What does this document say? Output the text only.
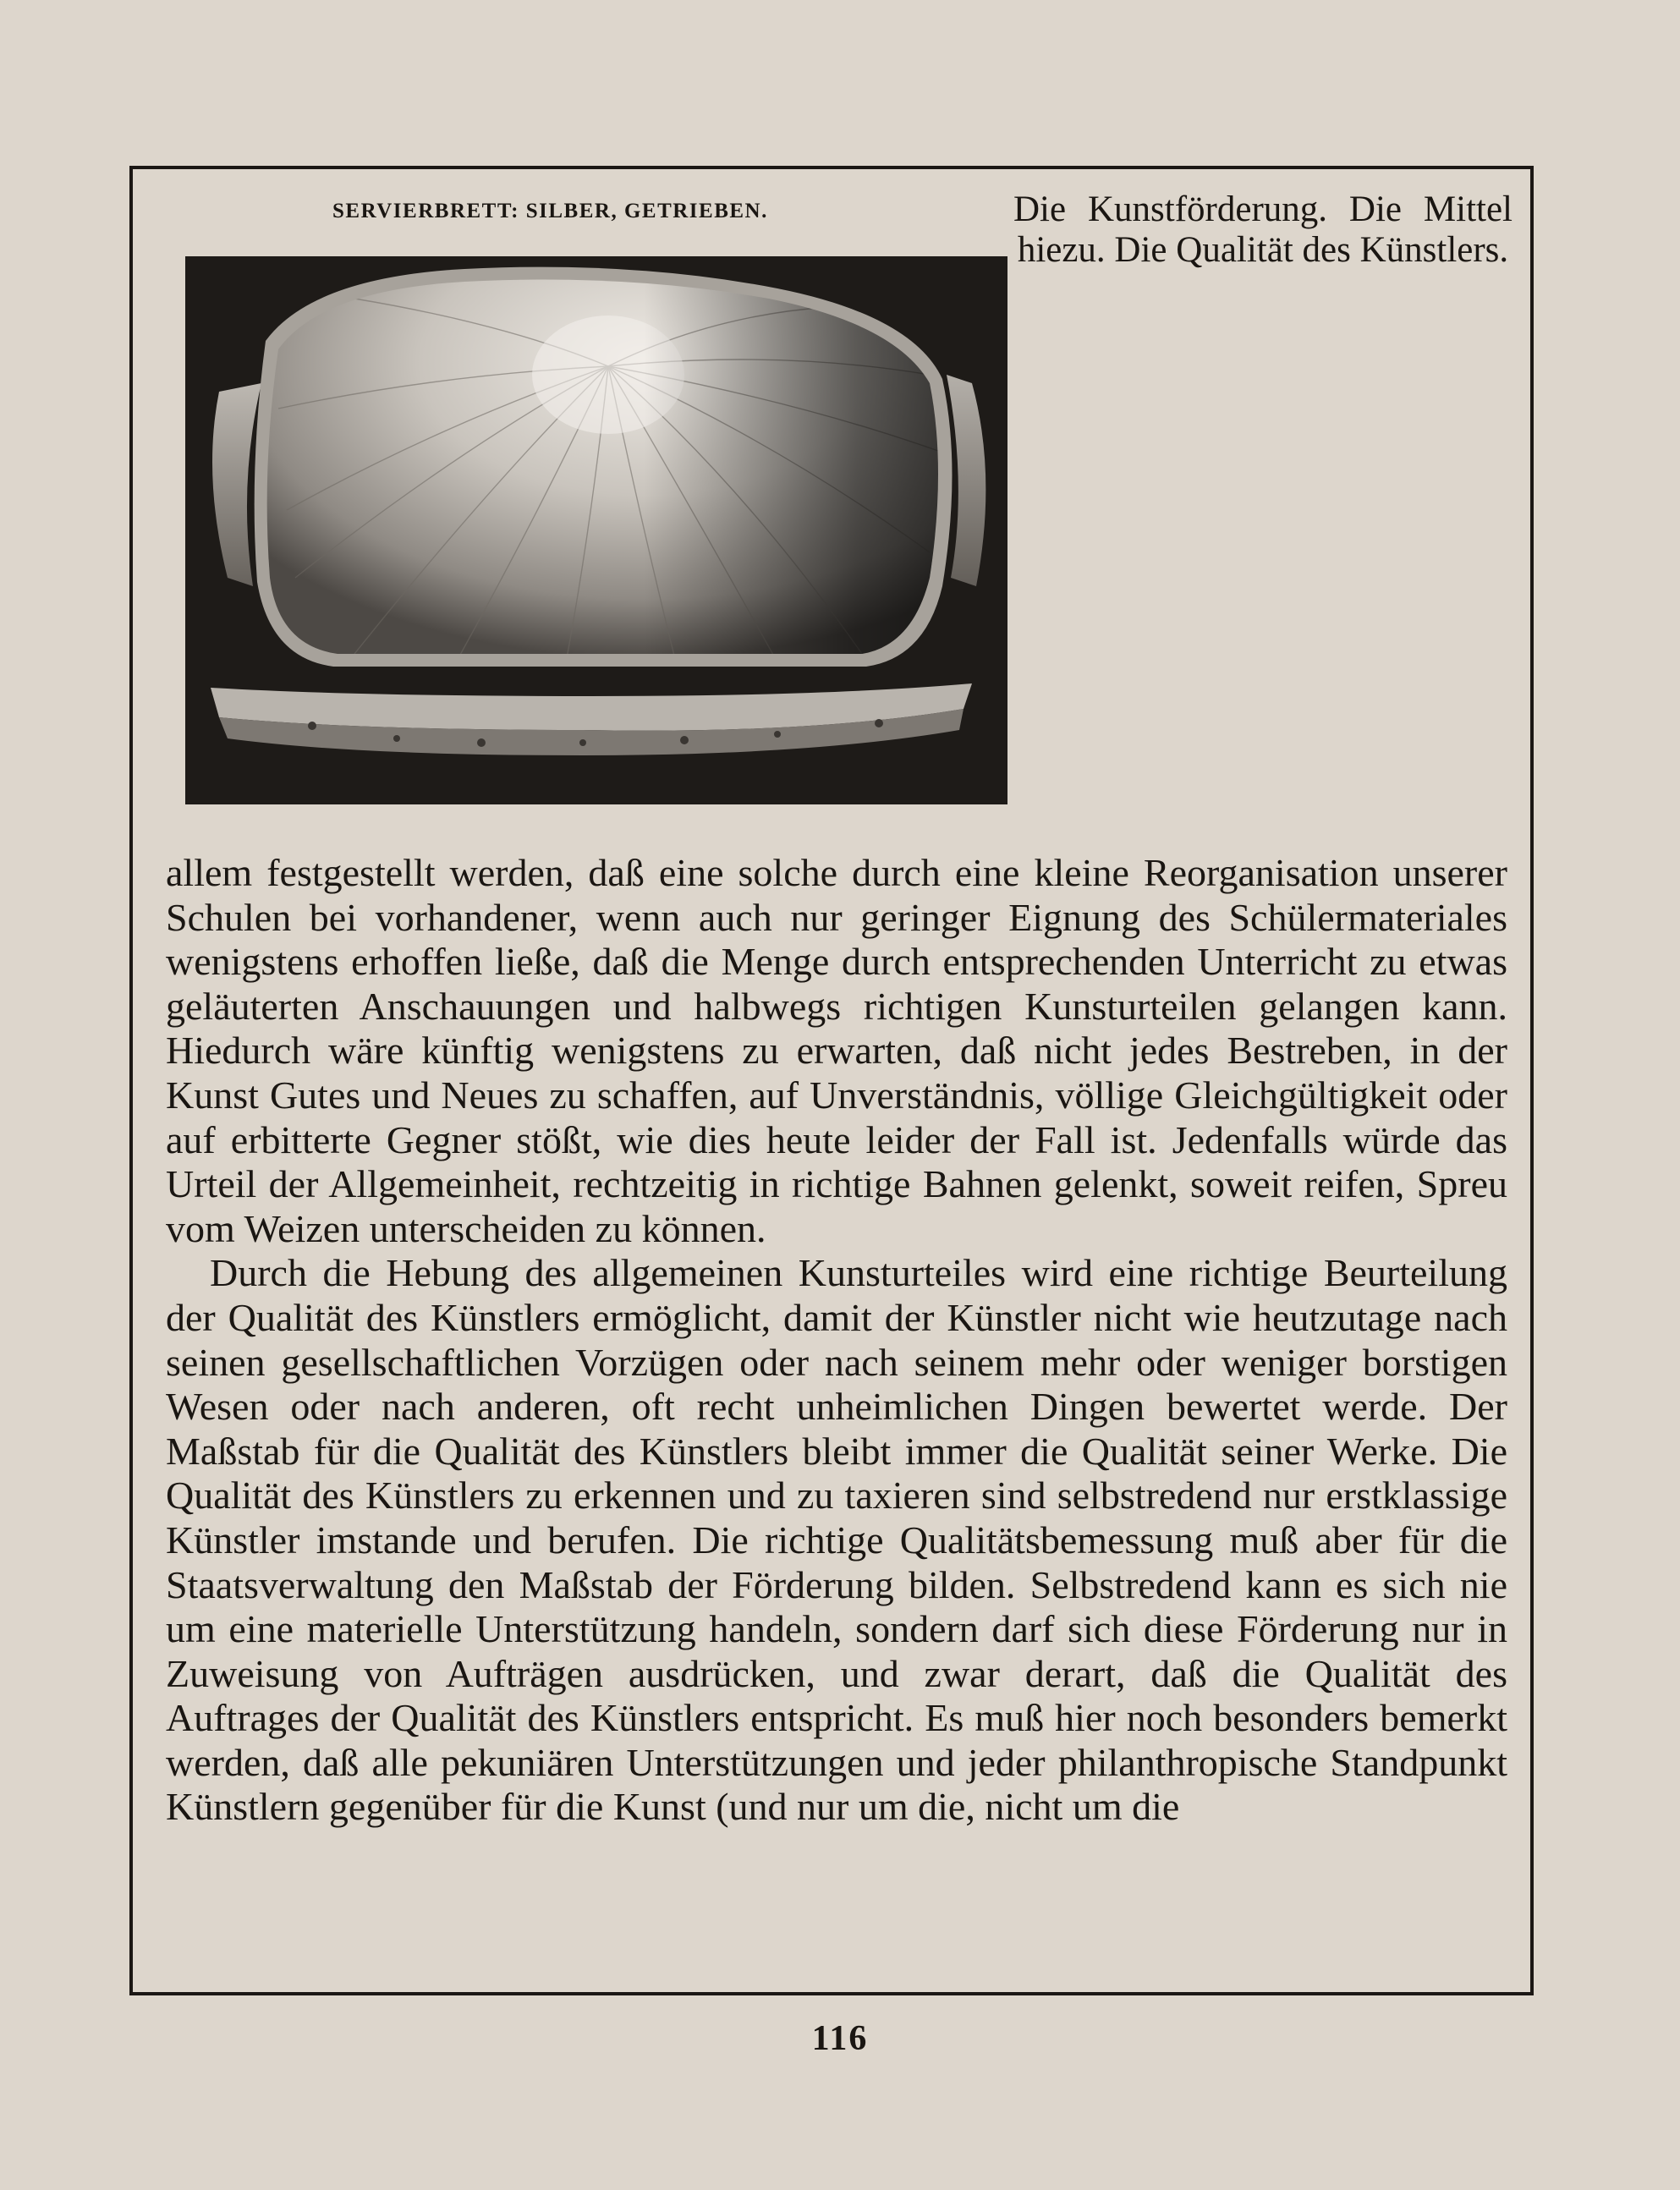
SERVIERBRETT: SILBER, GETRIEBEN.	Die Kunstförderung. Die Mittel hiezu. Die Qualität des Künstlers.

allem festgestellt werden, daß eine solche durch eine kleine Reorganisation unserer Schulen bei vorhandener, wenn auch nur geringer Eignung des Schülermateriales wenigstens erhoffen ließe, daß die Menge durch entsprechenden Unterricht zu etwas geläuterten Anschauungen und halbwegs richtigen Kunsturteilen gelangen kann. Hiedurch wäre künftig wenigstens zu erwarten, daß nicht jedes Bestreben, in der Kunst Gutes und Neues zu schaffen, auf Unverständnis, völlige Gleichgültigkeit oder auf erbitterte Gegner stößt, wie dies heute leider der Fall ist. Jedenfalls würde das Urteil der Allgemeinheit, rechtzeitig in richtige Bahnen gelenkt, soweit reifen, Spreu vom Weizen unterscheiden zu können.

Durch die Hebung des allgemeinen Kunsturteiles wird eine richtige Beurteilung der Qualität des Künstlers ermöglicht, damit der Künstler nicht wie heutzutage nach seinen gesellschaftlichen Vorzügen oder nach seinem mehr oder weniger borstigen Wesen oder nach anderen, oft recht unheimlichen Dingen bewertet werde. Der Maßstab für die Qualität des Künstlers bleibt immer die Qualität seiner Werke. Die Qualität des Künstlers zu erkennen und zu taxieren sind selbstredend nur erstklassige Künstler imstande und berufen. Die richtige Qualitätsbemessung muß aber für die Staatsverwaltung den Maßstab der Förderung bilden. Selbstredend kann es sich nie um eine materielle Unterstützung handeln, sondern darf sich diese Förderung nur in Zuweisung von Aufträgen ausdrücken, und zwar derart, daß die Qualität des Auftrages der Qualität des Künstlers entspricht. Es muß hier noch besonders bemerkt werden, daß alle pekuniären Unterstützungen und jeder philanthropische Standpunkt Künstlern gegenüber für die Kunst (und nur um die, nicht um die

116
